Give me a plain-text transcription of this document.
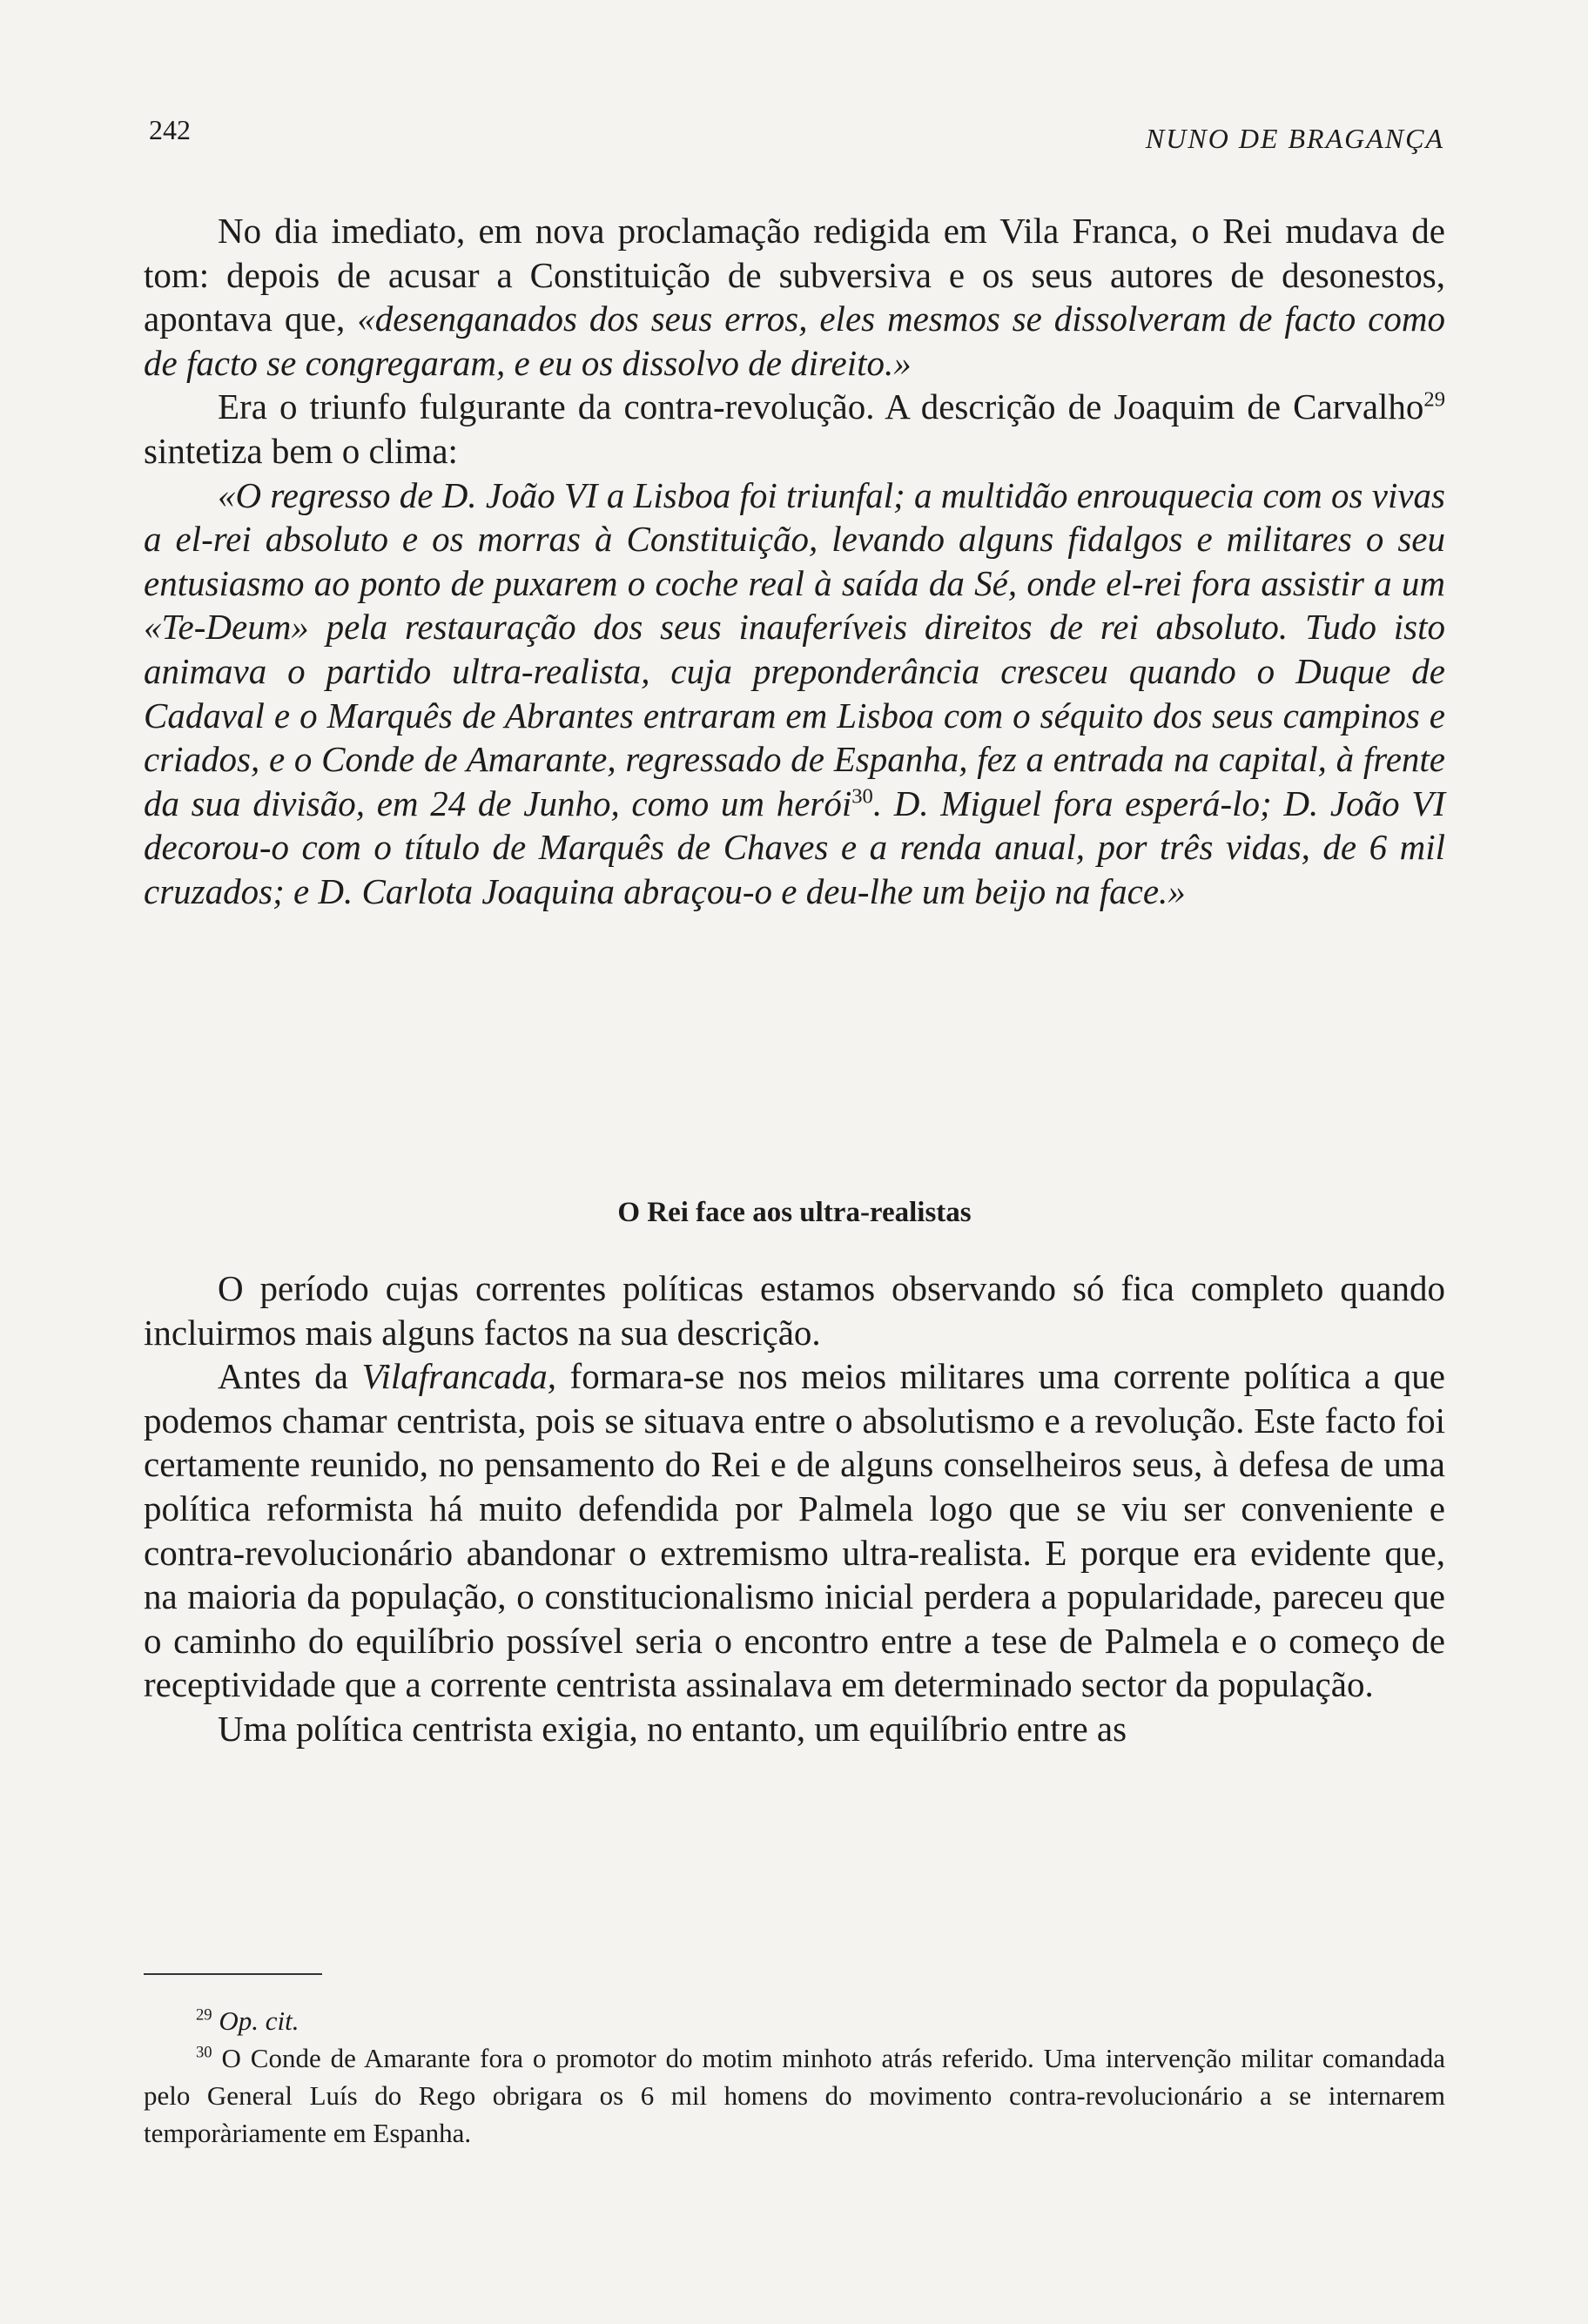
242	NUNO DE BRAGANÇA

No dia imediato, em nova proclamação redigida em Vila Franca, o Rei mudava de tom: depois de acusar a Constituição de subversiva e os seus autores de desonestos, apontava que, «desenganados dos seus erros, eles mesmos se dissolveram de facto como de facto se congregaram, e eu os dissolvo de direito.»

Era o triunfo fulgurante da contra-revolução. A descrição de Joaquim de Carvalho$^{29}$ sintetiza bem o clima:

«O regresso de D. João VI a Lisboa foi triunfal; a multidão enrouquecia com os vivas a el-rei absoluto e os morras à Constituição, levando alguns fidalgos e militares o seu entusiasmo ao ponto de puxarem o coche real à saída da Sé, onde el-rei fora assistir a um «Te-Deum» pela restauração dos seus inauferíveis direitos de rei absoluto. Tudo isto animava o partido ultra-realista, cuja preponderância cresceu quando o Duque de Cadaval e o Marquês de Abrantes entraram em Lisboa com o séquito dos seus campinos e criados, e o Conde de Amarante, regressado de Espanha, fez a entrada na capital, à frente da sua divisão, em 24 de Junho, como um herói$^{30}$. D. Miguel fora esperá-lo; D. João VI decorou-o com o título de Marquês de Chaves e a renda anual, por três vidas, de 6 mil cruzados; e D. Carlota Joaquina abraçou-o e deu-lhe um beijo na face.»

O Rei face aos ultra-realistas

O período cujas correntes políticas estamos observando só fica completo quando incluirmos mais alguns factos na sua descrição.

Antes da Vilafrancada, formara-se nos meios militares uma corrente política a que podemos chamar centrista, pois se situava entre o absolutismo e a revolução. Este facto foi certamente reunido, no pensamento do Rei e de alguns conselheiros seus, à defesa de uma política reformista há muito defendida por Palmela logo que se viu ser conveniente e contra-revolucionário abandonar o extremismo ultra-realista. E porque era evidente que, na maioria da população, o constitucionalismo inicial perdera a popularidade, pareceu que o caminho do equilíbrio possível seria o encontro entre a tese de Palmela e o começo de receptividade que a corrente centrista assinalava em determinado sector da população.

Uma política centrista exigia, no entanto, um equilíbrio entre as

$^{29}$ Op. cit.

$^{30}$ O Conde de Amarante fora o promotor do motim minhoto atrás referido. Uma intervenção militar comandada pelo General Luís do Rego obrigara os 6 mil homens do movimento contra-revolucionário a se internarem temporàriamente em Espanha.
